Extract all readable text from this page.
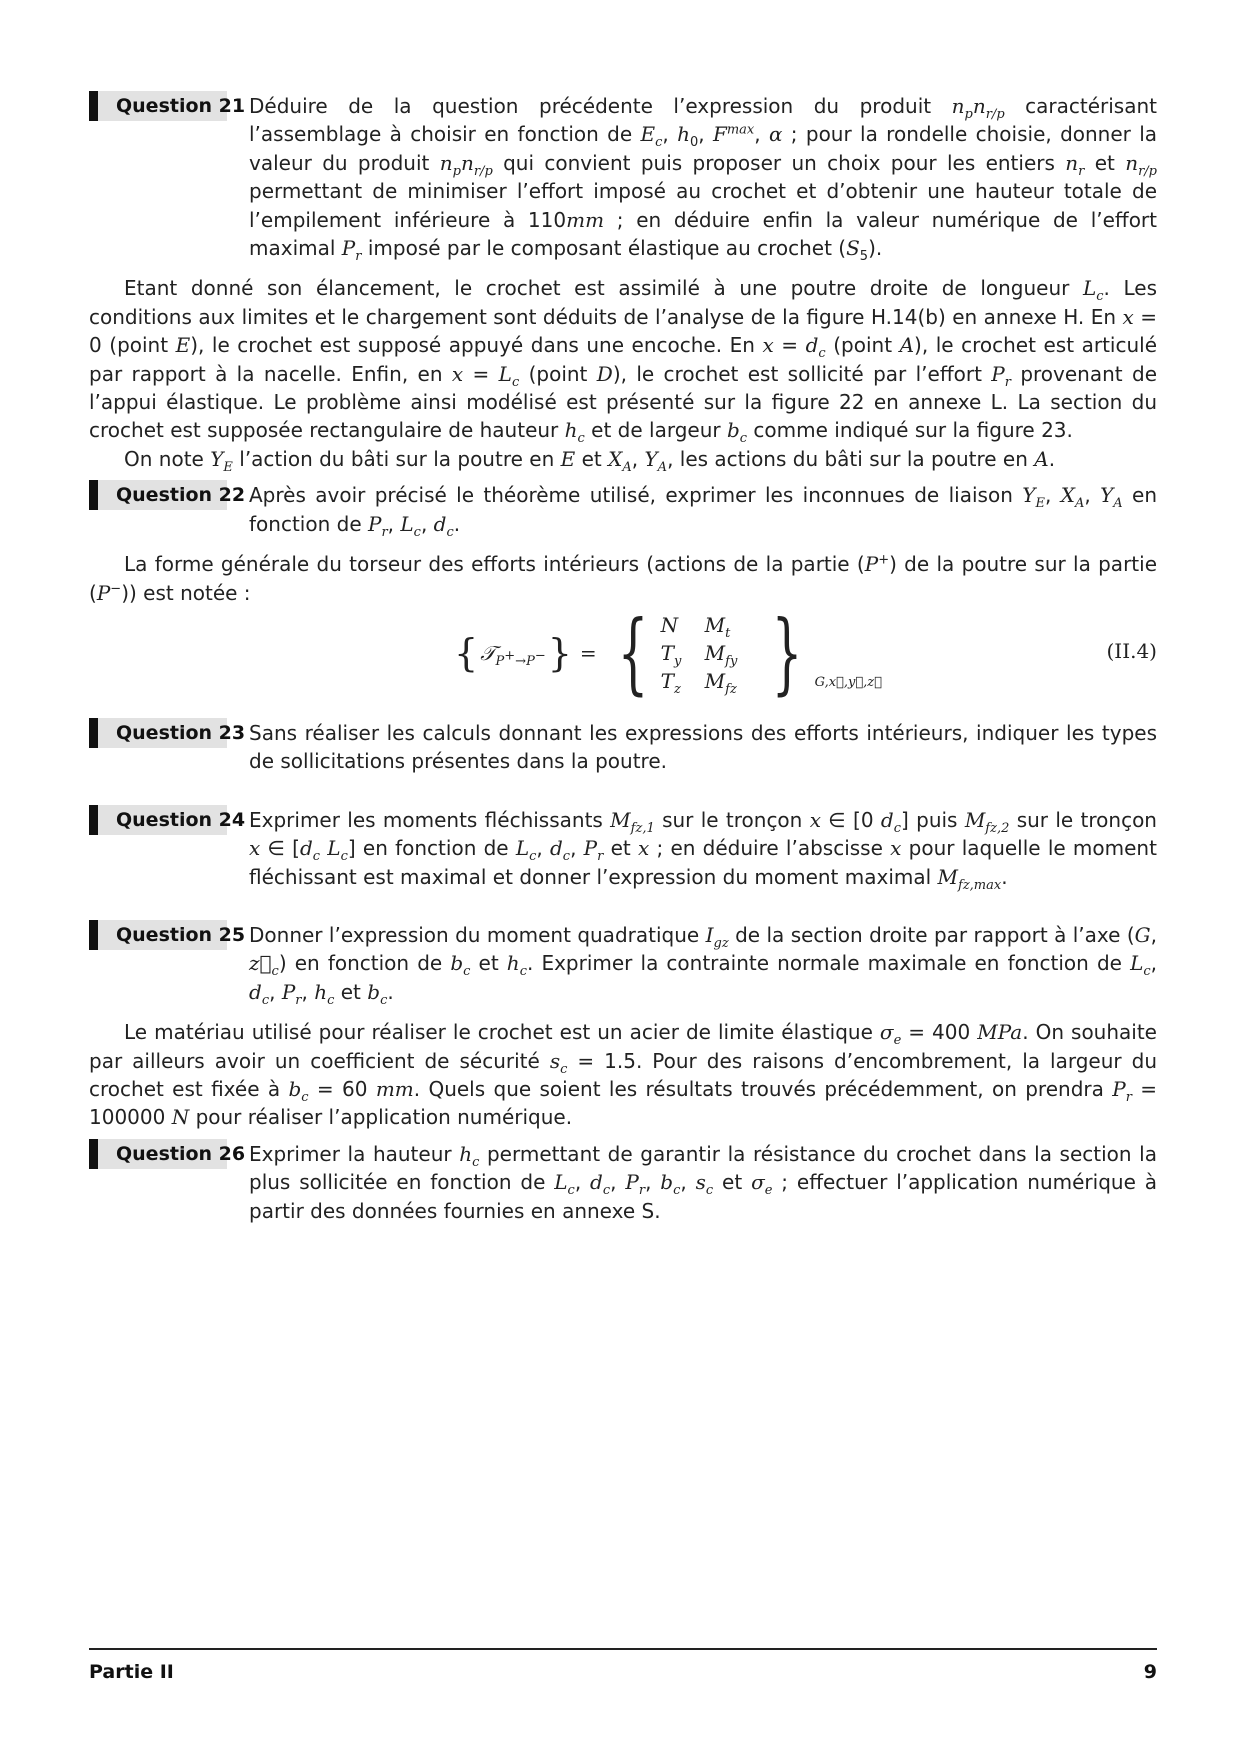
Question 21 Déduire de la question précédente l’expression du produit $n_pn_{r/p}$ caractérisant l’assemblage à choisir en fonction de $E_c$, $h_0$, $F^{max}$, α ; pour la rondelle choisie, donner la valeur du produit $n_pn_{r/p}$ qui convient puis proposer un choix pour les entiers $n_r$ et $n_{r/p}$ permettant de minimiser l’effort imposé au crochet et d’obtenir une hauteur totale de l’empilement inférieure à 110mm ; en déduire enfin la valeur numérique de l’effort maximal $P_r$ imposé par le composant élastique au crochet $(S_5)$.
Etant donné son élancement, le crochet est assimilé à une poutre droite de longueur $L_c$. Les conditions aux limites et le chargement sont déduits de l’analyse de la figure H.14(b) en annexe H. En x = 0 (point E), le crochet est supposé appuyé dans une encoche. En $x = d_c$ (point A), le crochet est articulé par rapport à la nacelle. Enfin, en $x = L_c$ (point D), le crochet est sollicité par l’effort $P_r$ provenant de l’appui élastique. Le problème ainsi modélisé est présenté sur la figure 22 en annexe L. La section du crochet est supposée rectangulaire de hauteur $h_c$ et de largeur $b_c$ comme indiqué sur la figure 23.
On note $Y_E$ l’action du bâti sur la poutre en E et $X_A$, $Y_A$, les actions du bâti sur la poutre en A.
Question 22 Après avoir précisé le théorème utilisé, exprimer les inconnues de liaison $Y_E$, $X_A$, $Y_A$ en fonction de $P_r$, $L_c$, $d_c$.
La forme générale du torseur des efforts intérieurs (actions de la partie (P+) de la poutre sur la partie (P−)) est notée :
{ 𝒯$_{P^+\to P^-}$ } = { N	$M_t$
$T_y$	$M_{fy}$
$T_z$	$M_{fz}$ } G,x⃗,y⃗,z⃗
(II.4)
Question 23 Sans réaliser les calculs donnant les expressions des efforts intérieurs, indiquer les types de sollicitations présentes dans la poutre.
Question 24 Exprimer les moments fléchissants $M_{fz,1}$ sur le tronçon x ∈ [0 $d_c$] puis $M_{fz,2}$ sur le tronçon x ∈ [$d_c$ $L_c$] en fonction de $L_c$, $d_c$, $P_r$ et x ; en déduire l’abscisse x pour laquelle le moment fléchissant est maximal et donner l’expression du moment maximal $M_{fz,max}$.
Question 25 Donner l’expression du moment quadratique $I_{gz}$ de la section droite par rapport à l’axe (G, $z⃗_c$) en fonction de $b_c$ et $h_c$. Exprimer la contrainte normale maximale en fonction de $L_c$, $d_c$, $P_r$, $h_c$ et $b_c$.
Le matériau utilisé pour réaliser le crochet est un acier de limite élastique $\sigma_e = 400$ MPa. On souhaite par ailleurs avoir un coefficient de sécurité $s_c = 1.5$. Pour des raisons d’encombrement, la largeur du crochet est fixée à $b_c = 60$ mm. Quels que soient les résultats trouvés précédemment, on prendra $P_r = 100000$ N pour réaliser l’application numérique.
Question 26 Exprimer la hauteur $h_c$ permettant de garantir la résistance du crochet dans la section la plus sollicitée en fonction de $L_c$, $d_c$, $P_r$, $b_c$, $s_c$ et $\sigma_e$ ; effectuer l’application numérique à partir des données fournies en annexe S.
Partie II	9
